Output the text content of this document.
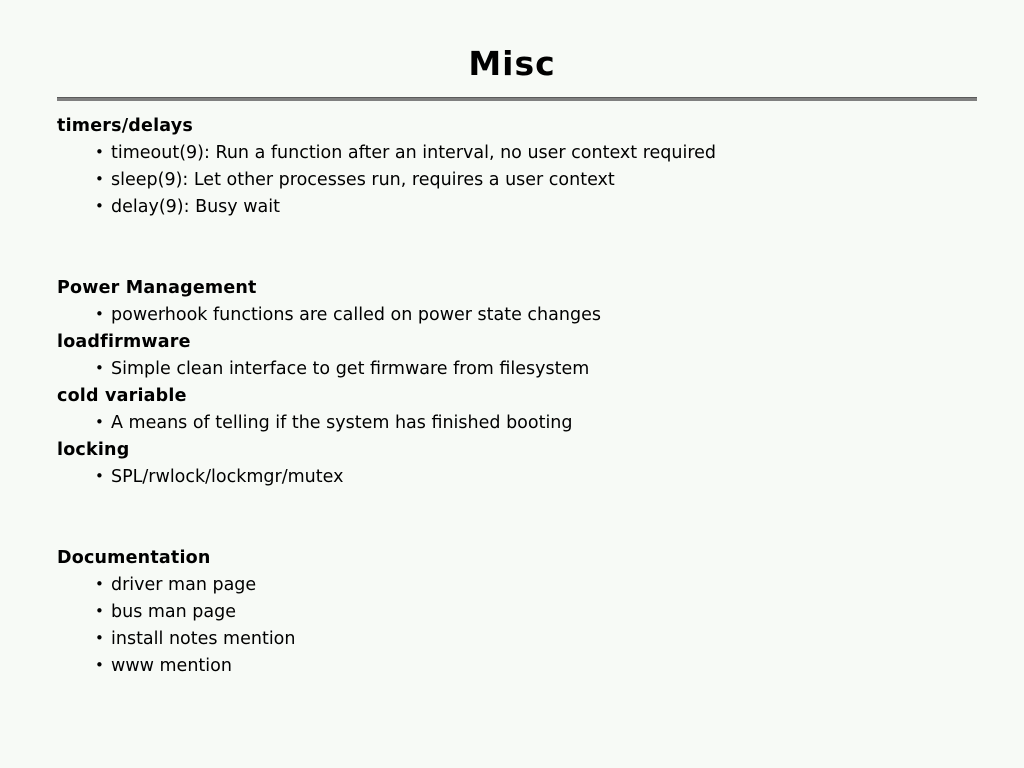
Misc
timers/delays
• timeout(9): Run a function after an interval, no user context required
• sleep(9): Let other processes run, requires a user context
• delay(9): Busy wait
Power Management
• powerhook functions are called on power state changes
loadfirmware
• Simple clean interface to get firmware from filesystem
cold variable
• A means of telling if the system has finished booting
locking
• SPL/rwlock/lockmgr/mutex
Documentation
• driver man page
• bus man page
• install notes mention
• www mention
